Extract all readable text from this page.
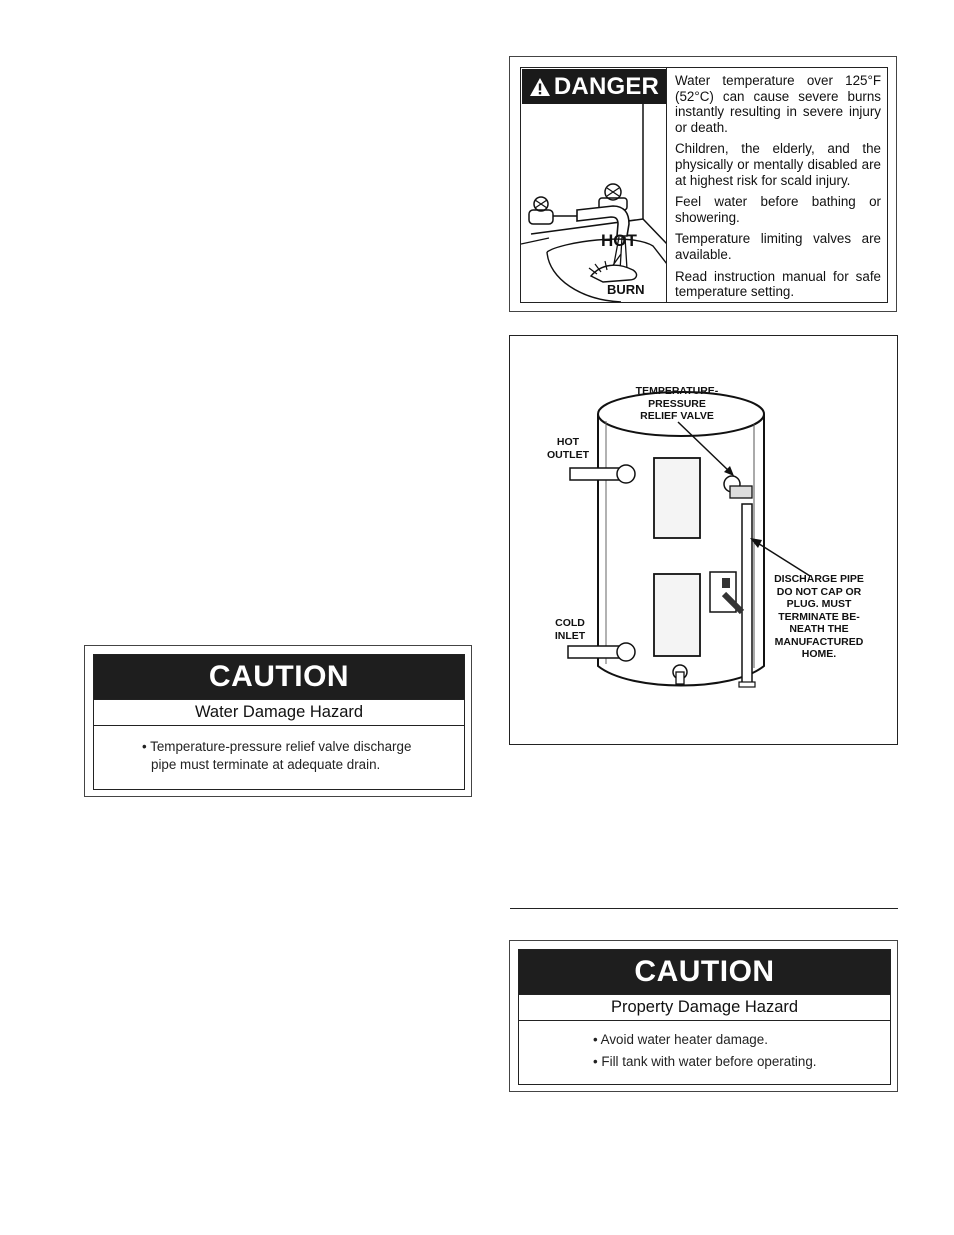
DANGER
HOT
BURN

Water temperature over 125°F (52°C) can cause severe burns instantly resulting in severe injury or death.

Children, the elderly, and the physically or mentally disabled are at highest risk for scald injury.

Feel water before bathing or showering.

Temperature limiting valves are available.

Read instruction manual for safe temperature setting.

TEMPERATURE-
PRESSURE
RELIEF VALVE
HOT
OUTLET
COLD
INLET
DISCHARGE PIPE
DO NOT CAP OR
PLUG. MUST
TERMINATE BE-
NEATH THE
MANUFACTURED
HOME.
CAUTION
Water Damage Hazard
• Temperature-pressure relief valve discharge pipe must terminate at adequate drain.
CAUTION
Property Damage Hazard
• Avoid water heater damage.
• Fill tank with water before operating.
